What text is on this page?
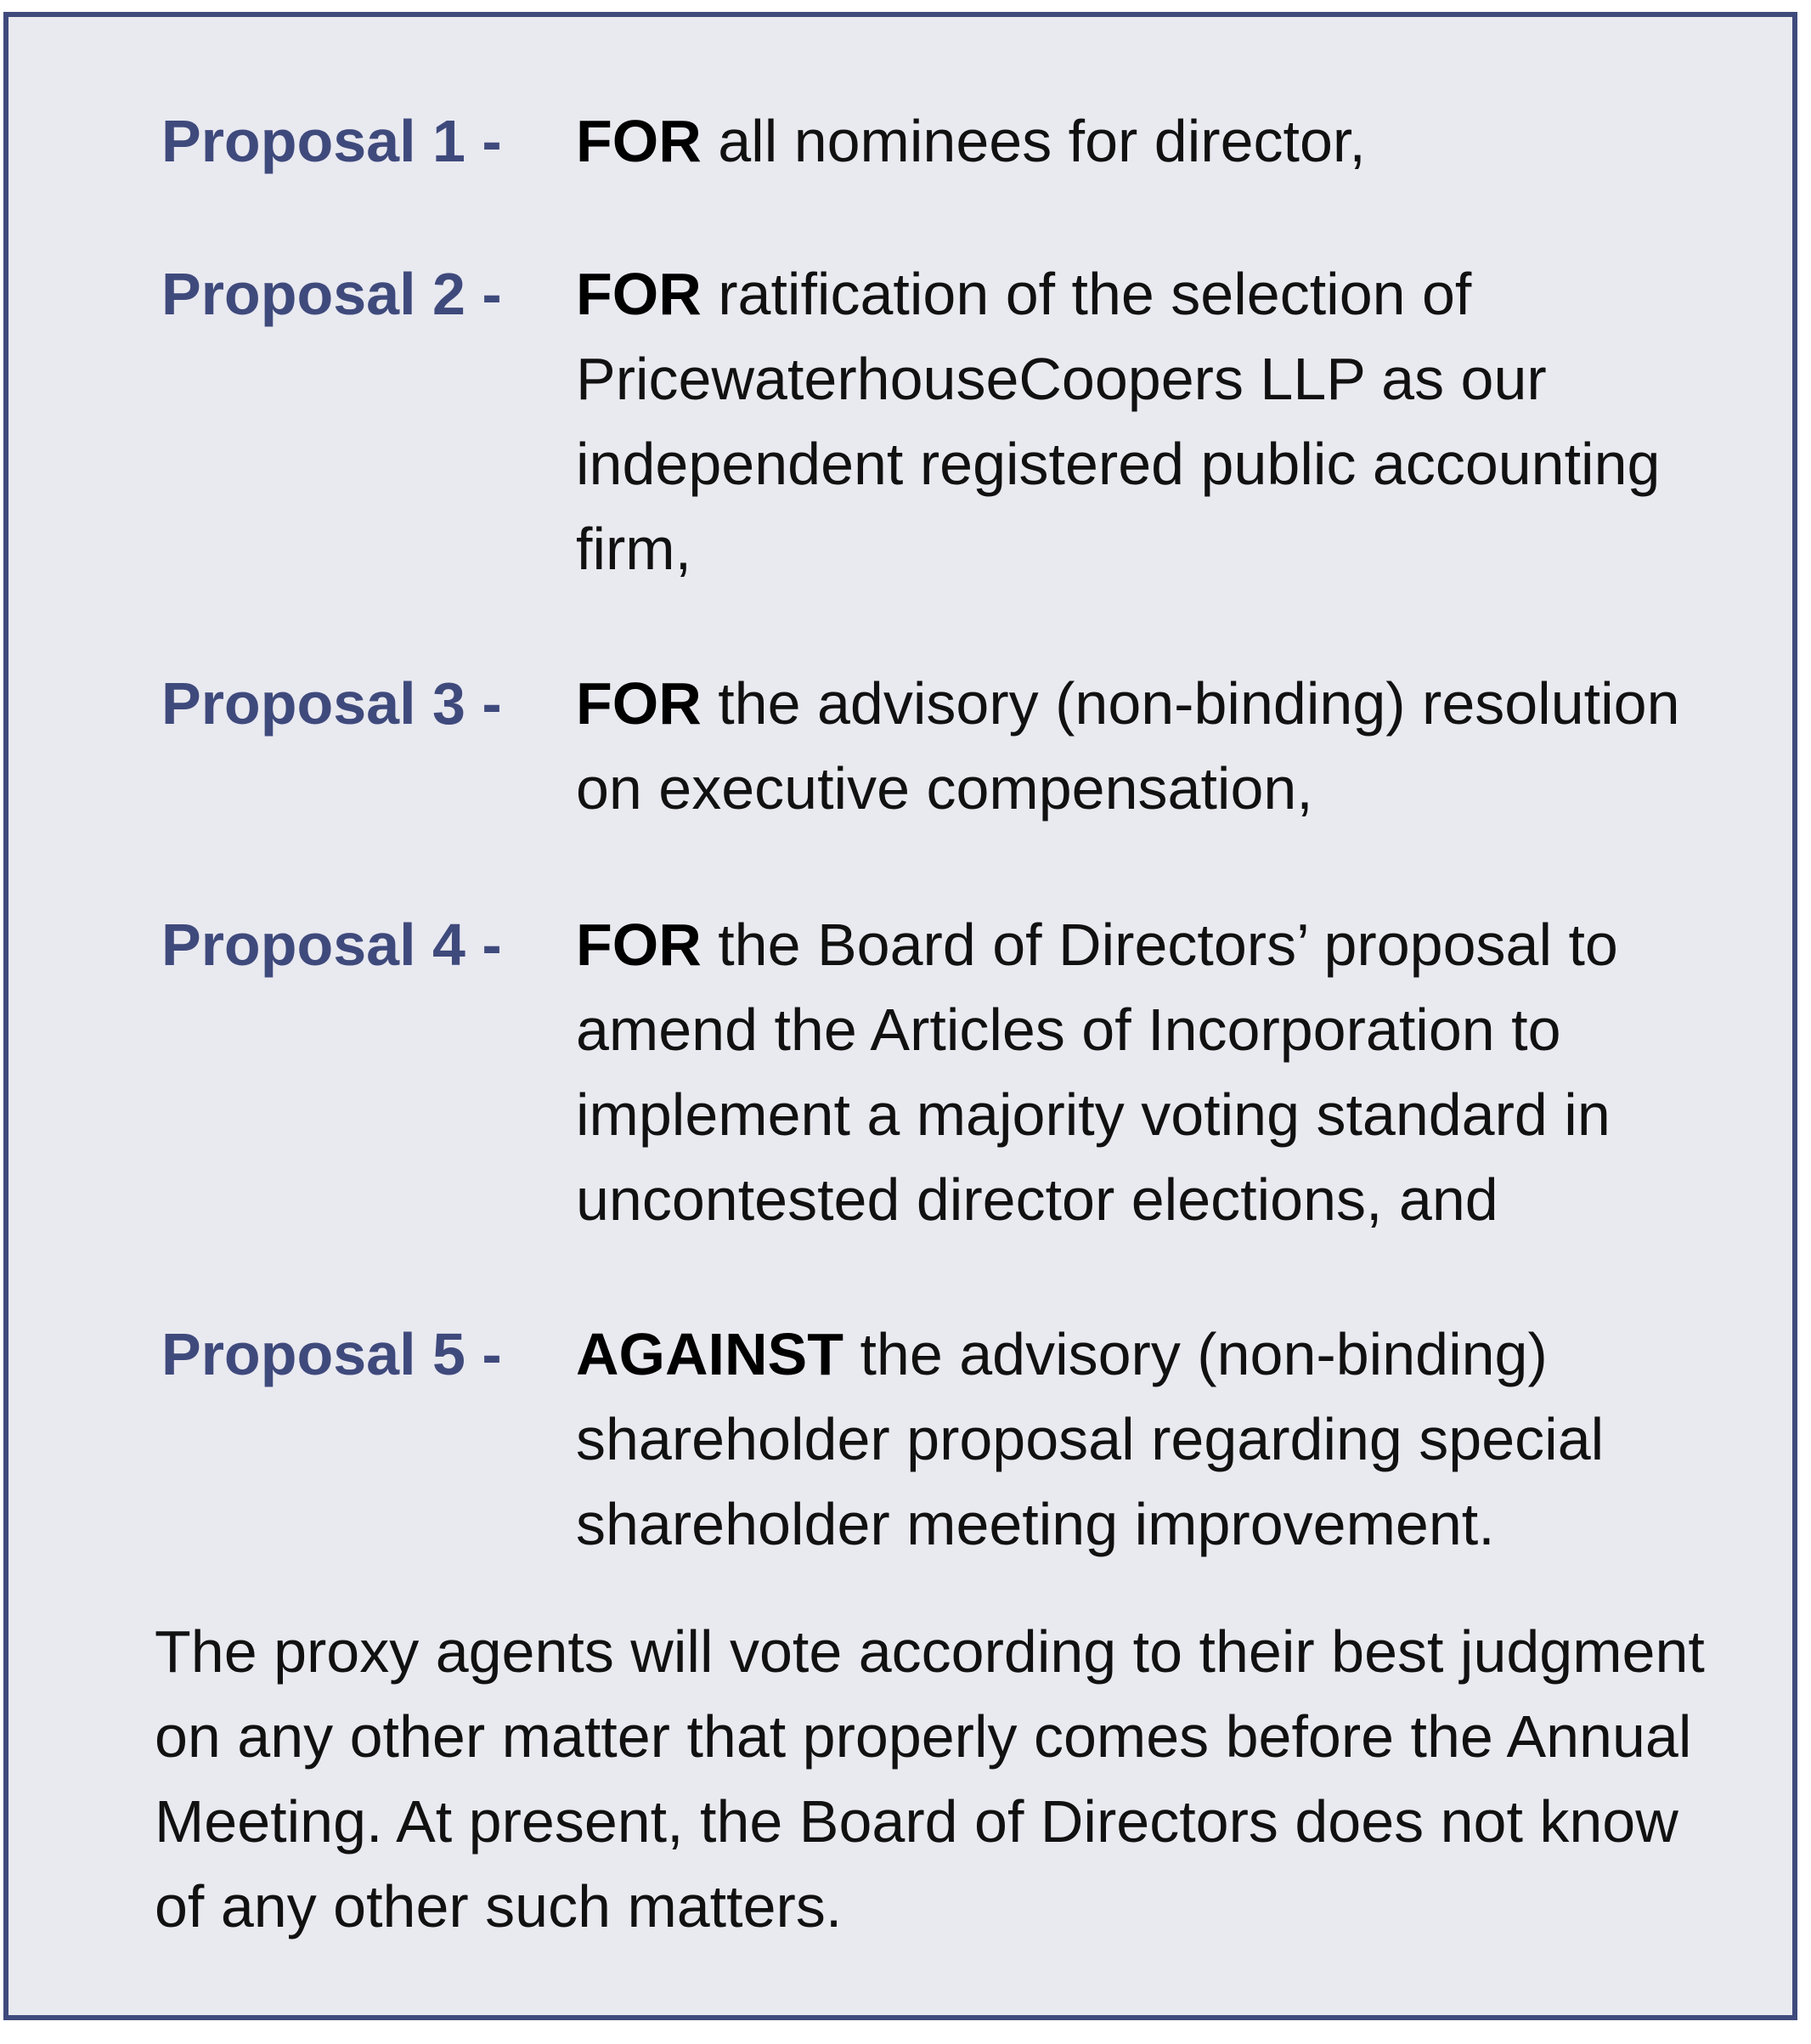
Proposal 1 - FOR all nominees for director,
Proposal 2 - FOR ratification of the selection of PricewaterhouseCoopers LLP as our independent registered public accounting firm,
Proposal 3 - FOR the advisory (non-binding) resolution on executive compensation,
Proposal 4 - FOR the Board of Directors’ proposal to amend the Articles of Incorporation to implement a majority voting standard in uncontested director elections, and
Proposal 5 - AGAINST the advisory (non-binding) shareholder proposal regarding special shareholder meeting improvement.
The proxy agents will vote according to their best judgment on any other matter that properly comes before the Annual Meeting. At present, the Board of Directors does not know of any other such matters.
